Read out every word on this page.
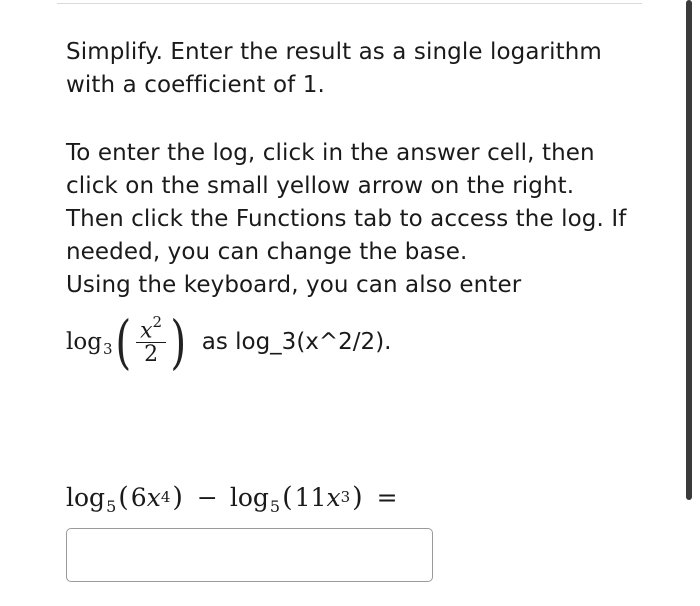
Simplify. Enter the result as a single logarithm
with a coefficient of 1.

To enter the log, click in the answer cell, then
click on the small yellow arrow on the right.
Then click the Functions tab to access the log. If
needed, you can change the base.
Using the keyboard, you can also enter

log 3 ( $\frac{x^2}{2}$ ) as log_3(x^2/2).
log 5 ( 6 $x^4$ ) − log 5 ( 11 $x^3$ ) =
